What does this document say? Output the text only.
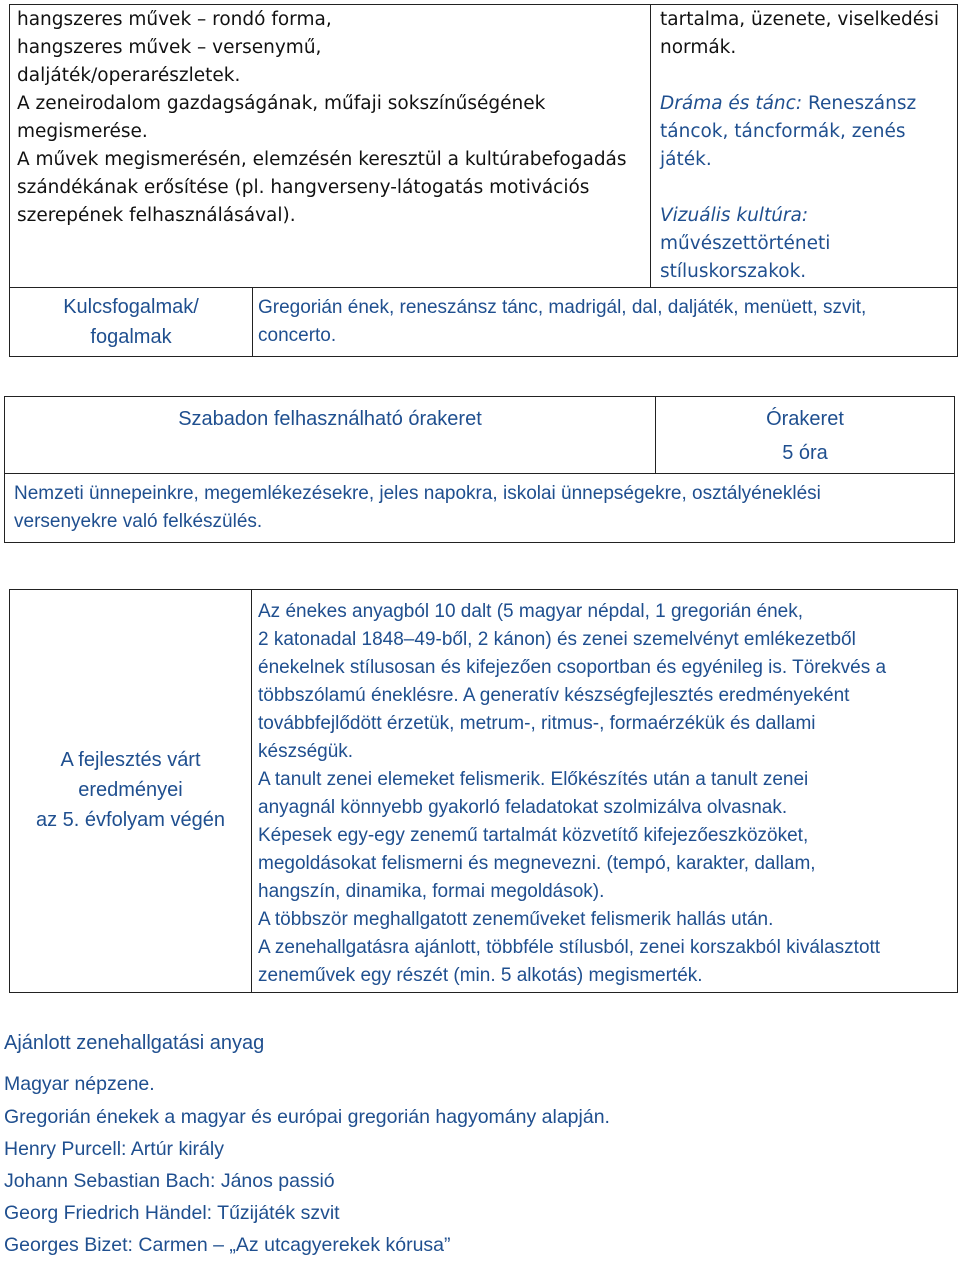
hangszeres művek – rondó forma,
hangszeres művek – versenymű,
daljáték/operarészletek.
A zeneirodalom gazdagságának, műfaji sokszínűségének
megismerése.
A művek megismerésén, elemzésén keresztül a kultúrabefogadás
szándékának erősítése (pl. hangverseny-látogatás motivációs
szerepének felhasználásával).
tartalma, üzenete, viselkedési
normák.
Dráma és tánc: Reneszánsz
táncok, táncformák, zenés
játék.
Vizuális kultúra:
művészettörténeti
stíluskorszakok.
Kulcsfogalmak/
fogalmak
Gregorián ének, reneszánsz tánc, madrigál, dal, daljáték, menüett, szvit,
concerto.
Szabadon felhasználható órakeret	Órakeret
5 óra
Nemzeti ünnepeinkre, megemlékezésekre, jeles napokra, iskolai ünnepségekre, osztályéneklési
versenyekre való felkészülés.
A fejlesztés várt
eredményei
az 5. évfolyam végén
Az énekes anyagból 10 dalt (5 magyar népdal, 1 gregorián ének,
2 katonadal 1848–49-ből, 2 kánon) és zenei szemelvényt emlékezetből
énekelnek stílusosan és kifejezően csoportban és egyénileg is. Törekvés a
többszólamú éneklésre. A generatív készségfejlesztés eredményeként
továbbfejlődött érzetük, metrum-, ritmus-, formaérzékük és dallami
készségük.
A tanult zenei elemeket felismerik. Előkészítés után a tanult zenei
anyagnál könnyebb gyakorló feladatokat szolmizálva olvasnak.
Képesek egy-egy zenemű tartalmát közvetítő kifejezőeszközöket,
megoldásokat felismerni és megnevezni. (tempó, karakter, dallam,
hangszín, dinamika, formai megoldások).
A többször meghallgatott zeneműveket felismerik hallás után.
A zenehallgatásra ajánlott, többféle stílusból, zenei korszakból kiválasztott
zeneművek egy részét (min. 5 alkotás) megismerték.
Ajánlott zenehallgatási anyag
Magyar népzene.
Gregorián énekek a magyar és európai gregorián hagyomány alapján.
Henry Purcell: Artúr király
Johann Sebastian Bach: János passió
Georg Friedrich Händel: Tűzijáték szvit
Georges Bizet: Carmen – „Az utcagyerekek kórusa”
